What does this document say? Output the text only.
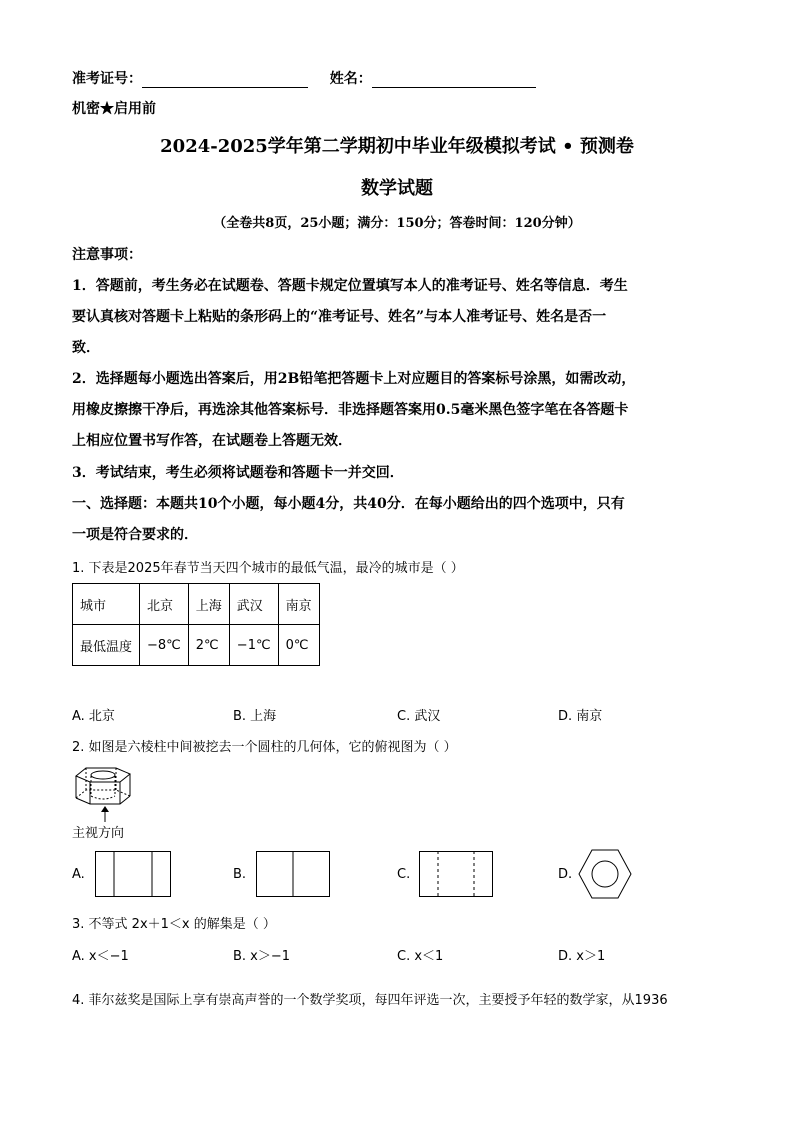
准考证号：	姓名：
机密★启用前
2024-2025学年第二学期初中毕业年级模拟考试 • 预测卷
数学试题
（全卷共8页，25小题；满分：150分；答卷时间：120分钟）
注意事项：
1．答题前，考生务必在试题卷、答题卡规定位置填写本人的准考证号、姓名等信息．考生
要认真核对答题卡上粘贴的条形码上的“准考证号、姓名”与本人准考证号、姓名是否一
致．
2．选择题每小题选出答案后，用2B铅笔把答题卡上对应题目的答案标号涂黑，如需改动，
用橡皮擦擦干净后，再选涂其他答案标号．非选择题答案用0.5毫米黑色签字笔在各答题卡
上相应位置书写作答，在试题卷上答题无效．
3．考试结束，考生必须将试题卷和答题卡一并交回．
一、选择题：本题共10个小题，每小题4分，共40分．在每小题给出的四个选项中，只有
一项是符合要求的．
1. 下表是2025年春节当天四个城市的最低气温，最冷的城市是（ ）
城市	北京	上海	武汉	南京
最低温度	−8℃	2℃	−1℃	0℃
A. 北京	B. 上海	C. 武汉	D. 南京
2. 如图是六棱柱中间被挖去一个圆柱的几何体，它的俯视图为（ ）
主视方向
A.	B.	C.	D.
3. 不等式 2x＋1＜x 的解集是（ ）
A. x＜−1	B. x＞−1	C. x＜1	D. x＞1
4. 菲尔兹奖是国际上享有崇高声誉的一个数学奖项，每四年评选一次，主要授予年轻的数学家，从1936
